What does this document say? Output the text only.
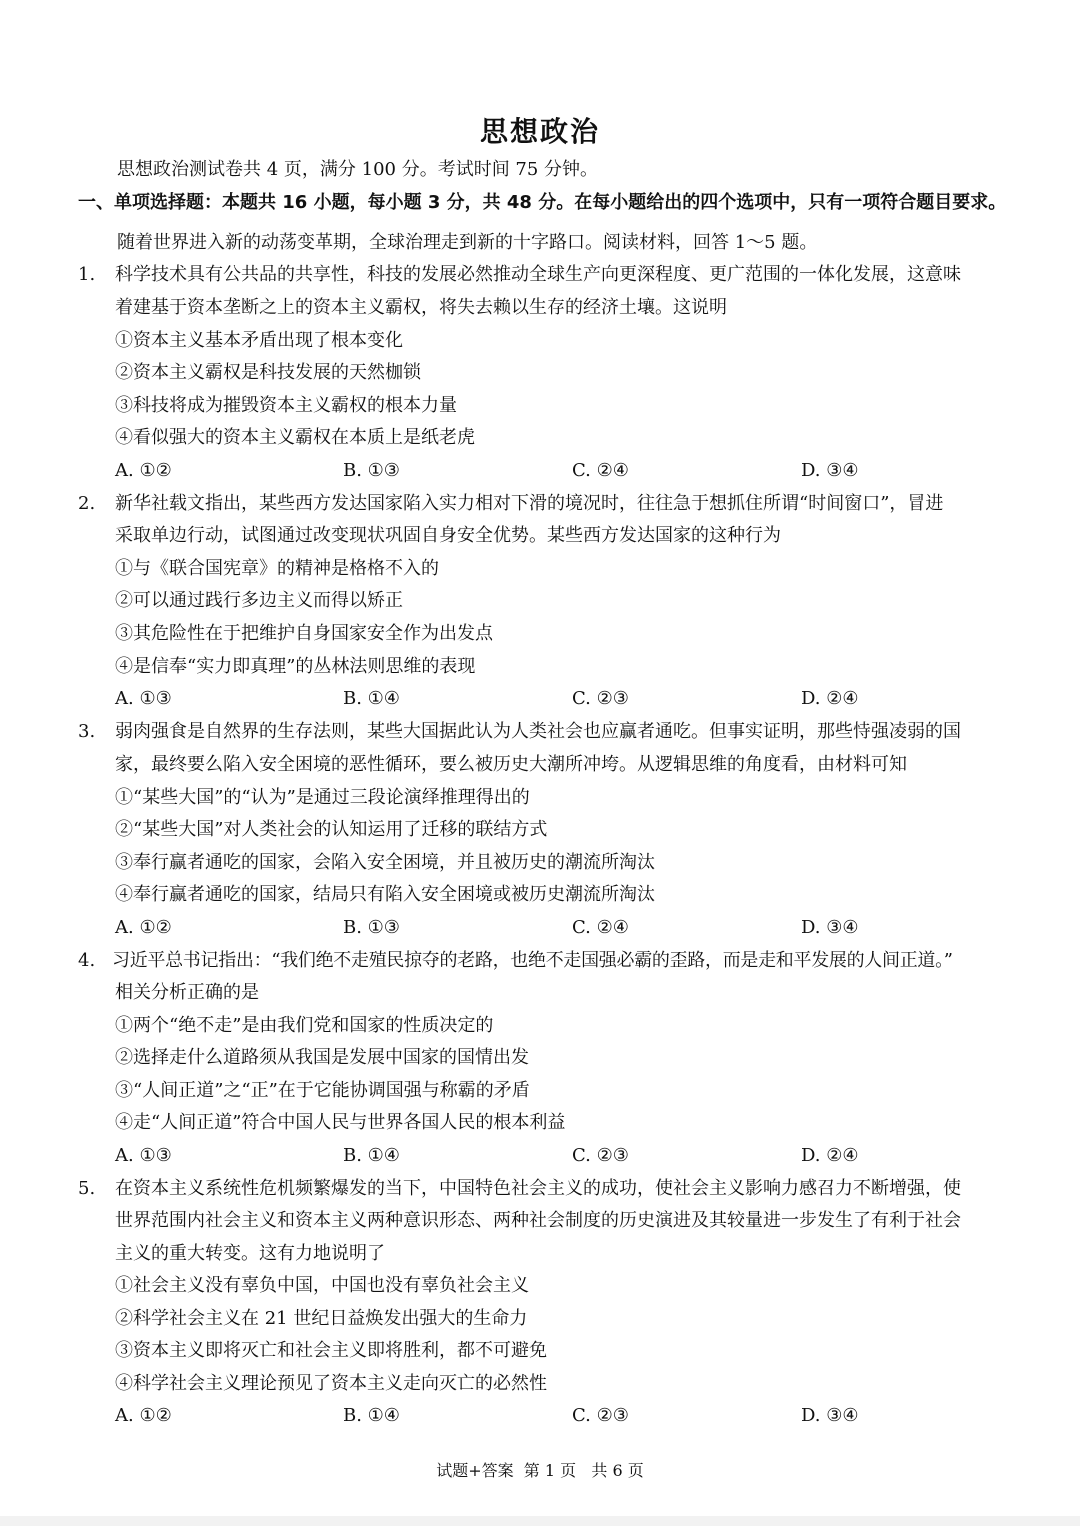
思想政治
思想政治测试卷共 4 页，满分 100 分。考试时间 75 分钟。
一、单项选择题：本题共 16 小题，每小题 3 分，共 48 分。在每小题给出的四个选项中，只有一项符合题目要求。
随着世界进入新的动荡变革期，全球治理走到新的十字路口。阅读材料，回答 1～5 题。
1. 科学技术具有公共品的共享性，科技的发展必然推动全球生产向更深程度、更广范围的一体化发展，这意味
着建基于资本垄断之上的资本主义霸权，将失去赖以生存的经济土壤。这说明
①资本主义基本矛盾出现了根本变化
②资本主义霸权是科技发展的天然枷锁
③科技将成为摧毁资本主义霸权的根本力量
④看似强大的资本主义霸权在本质上是纸老虎
A. ①②	B. ①③	C. ②④	D. ③④
2. 新华社载文指出，某些西方发达国家陷入实力相对下滑的境况时，往往急于想抓住所谓“时间窗口”，冒进
采取单边行动，试图通过改变现状巩固自身安全优势。某些西方发达国家的这种行为
①与《联合国宪章》的精神是格格不入的
②可以通过践行多边主义而得以矫正
③其危险性在于把维护自身国家安全作为出发点
④是信奉“实力即真理”的丛林法则思维的表现
A. ①③	B. ①④	C. ②③	D. ②④
3. 弱肉强食是自然界的生存法则，某些大国据此认为人类社会也应赢者通吃。但事实证明，那些恃强凌弱的国
家，最终要么陷入安全困境的恶性循环，要么被历史大潮所冲垮。从逻辑思维的角度看，由材料可知
①“某些大国”的“认为”是通过三段论演绎推理得出的
②“某些大国”对人类社会的认知运用了迁移的联结方式
③奉行赢者通吃的国家，会陷入安全困境，并且被历史的潮流所淘汰
④奉行赢者通吃的国家，结局只有陷入安全困境或被历史潮流所淘汰
A. ①②	B. ①③	C. ②④	D. ③④
4. 习近平总书记指出：“我们绝不走殖民掠夺的老路，也绝不走国强必霸的歪路，而是走和平发展的人间正道。”
相关分析正确的是
①两个“绝不走”是由我们党和国家的性质决定的
②选择走什么道路须从我国是发展中国家的国情出发
③“人间正道”之“正”在于它能协调国强与称霸的矛盾
④走“人间正道”符合中国人民与世界各国人民的根本利益
A. ①③	B. ①④	C. ②③	D. ②④
5. 在资本主义系统性危机频繁爆发的当下，中国特色社会主义的成功，使社会主义影响力感召力不断增强，使
世界范围内社会主义和资本主义两种意识形态、两种社会制度的历史演进及其较量进一步发生了有利于社会
主义的重大转变。这有力地说明了
①社会主义没有辜负中国，中国也没有辜负社会主义
②科学社会主义在 21 世纪日益焕发出强大的生命力
③资本主义即将灭亡和社会主义即将胜利，都不可避免
④科学社会主义理论预见了资本主义走向灭亡的必然性
A. ①②	B. ①④	C. ②③	D. ③④
试题+答案  第 1 页   共 6 页
